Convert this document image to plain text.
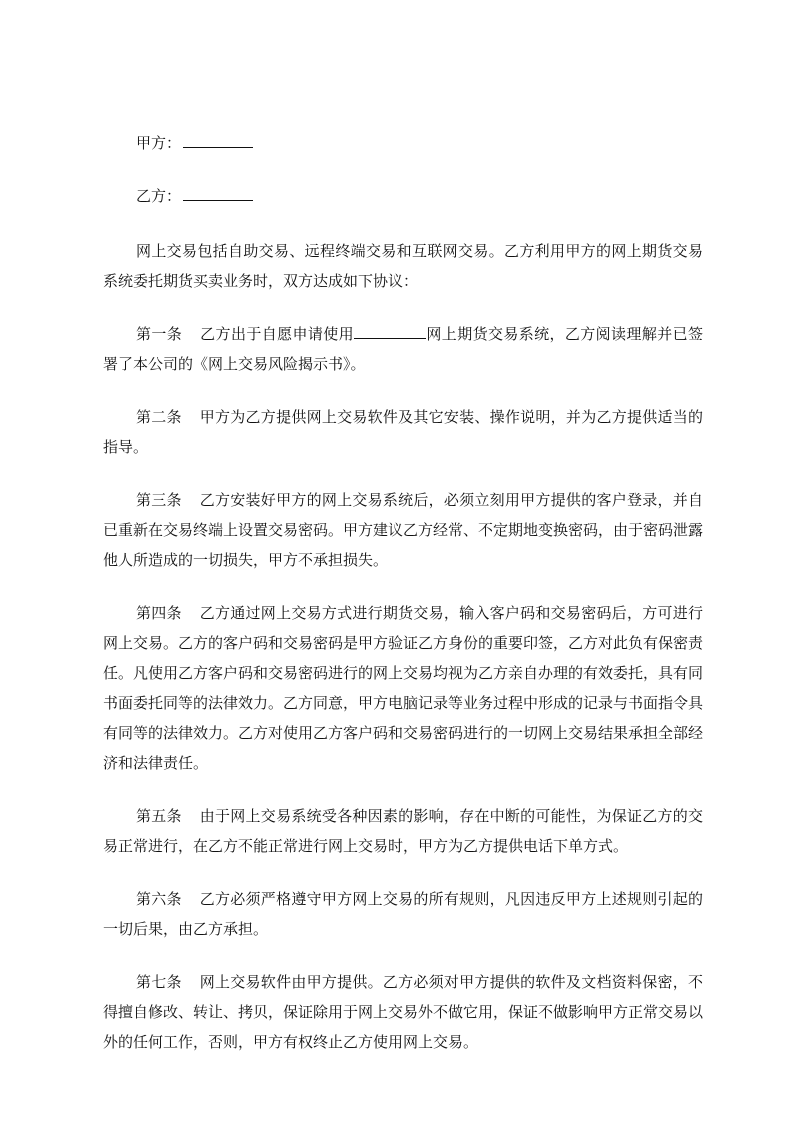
甲方：
乙方：
网上交易包括自助交易、远程终端交易和互联网交易。乙方利用甲方的网上期货交易系统委托期货买卖业务时，双方达成如下协议：
第一条 乙方出于自愿申请使用	网上期货交易系统，乙方阅读理解并已签署了本公司的《网上交易风险揭示书》。
第二条 甲方为乙方提供网上交易软件及其它安装、操作说明，并为乙方提供适当的指导。
第三条 乙方安装好甲方的网上交易系统后，必须立刻用甲方提供的客户登录，并自已重新在交易终端上设置交易密码。甲方建议乙方经常、不定期地变换密码，由于密码泄露他人所造成的一切损失，甲方不承担损失。
第四条 乙方通过网上交易方式进行期货交易，输入客户码和交易密码后，方可进行网上交易。乙方的客户码和交易密码是甲方验证乙方身份的重要印签，乙方对此负有保密责任。凡使用乙方客户码和交易密码进行的网上交易均视为乙方亲自办理的有效委托，具有同书面委托同等的法律效力。乙方同意，甲方电脑记录等业务过程中形成的记录与书面指令具有同等的法律效力。乙方对使用乙方客户码和交易密码进行的一切网上交易结果承担全部经济和法律责任。
第五条 由于网上交易系统受各种因素的影响，存在中断的可能性，为保证乙方的交易正常进行，在乙方不能正常进行网上交易时，甲方为乙方提供电话下单方式。
第六条 乙方必须严格遵守甲方网上交易的所有规则，凡因违反甲方上述规则引起的一切后果，由乙方承担。
第七条 网上交易软件由甲方提供。乙方必须对甲方提供的软件及文档资料保密，不得擅自修改、转让、拷贝，保证除用于网上交易外不做它用，保证不做影响甲方正常交易以外的任何工作，否则，甲方有权终止乙方使用网上交易。
